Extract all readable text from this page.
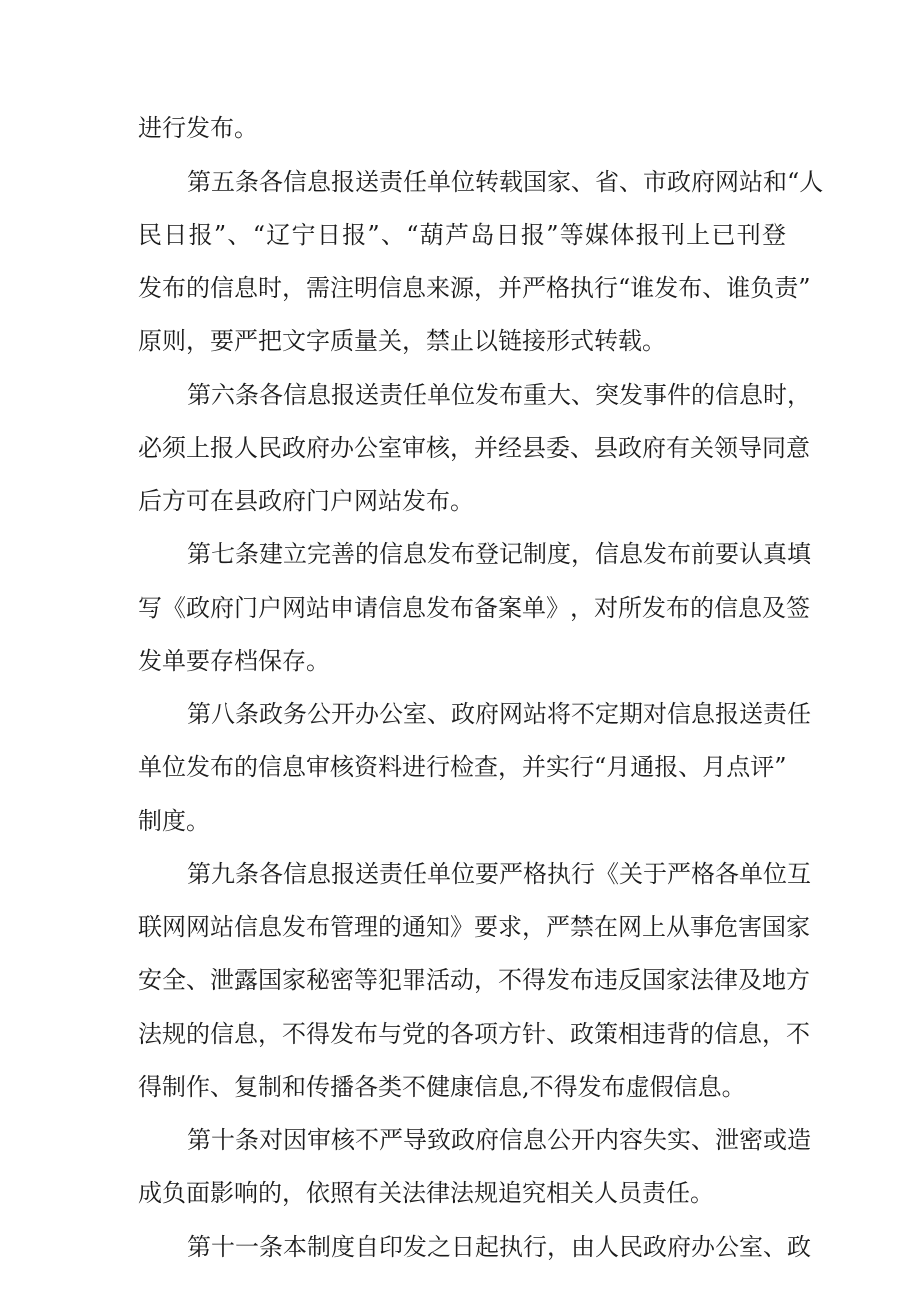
进行发布。
第 五 条 各 信 息 报 送 责 任 单 位 转 载 国 家 、 省 、 市 政 府 网 站 和 “ 人
民 日 报 ” 、 “ 辽 宁 日 报 ” 、 “ 葫 芦 岛 日 报 ” 等 媒 体 报 刊 上 已 刊 登
发 布 的 信 息 时 ， 需 注 明 信 息 来 源 ， 并 严 格 执 行 “ 谁 发 布 、 谁 负 责 ”
原则，要严把文字质量关，禁止以链接形式转载。
第 六 条 各 信 息 报 送 责 任 单 位 发 布 重 大 、 突 发 事 件 的 信 息 时 ，
必 须 上 报 人 民 政 府 办 公 室 审 核 ， 并 经 县 委 、 县 政 府 有 关 领 导 同 意
后方可在县政府门户网站发布。
第 七 条 建 立 完 善 的 信 息 发 布 登 记 制 度 ， 信 息 发 布 前 要 认 真 填
写 《 政 府 门 户 网 站 申 请 信 息 发 布 备 案 单 》 ， 对 所 发 布 的 信 息 及 签
发单要存档保存。
第 八 条 政 务 公 开 办 公 室 、 政 府 网 站 将 不 定 期 对 信 息 报 送 责 任
单 位 发 布 的 信 息 审 核 资 料 进 行 检 查 ， 并 实 行 “ 月 通 报 、 月 点 评 ”
制度。
第 九 条 各 信 息 报 送 责 任 单 位 要 严 格 执 行 《 关 于 严 格 各 单 位 互
联 网 网 站 信 息 发 布 管 理 的 通 知 》 要 求 ， 严 禁 在 网 上 从 事 危 害 国 家
安 全 、 泄 露 国 家 秘 密 等 犯 罪 活 动 ， 不 得 发 布 违 反 国 家 法 律 及 地 方
法 规 的 信 息 ， 不 得 发 布 与 党 的 各 项 方 针 、 政 策 相 违 背 的 信 息 ， 不
得制作、复制和传播各类不健康信息,不得发布虚假信息。
第 十 条 对 因 审 核 不 严 导 致 政 府 信 息 公 开 内 容 失 实 、 泄 密 或 造
成负面影响的，依照有关法律法规追究相关人员责任。
第 十 一 条 本 制 度 自 印 发 之 日 起 执 行 ， 由 人 民 政 府 办 公 室 、 政
